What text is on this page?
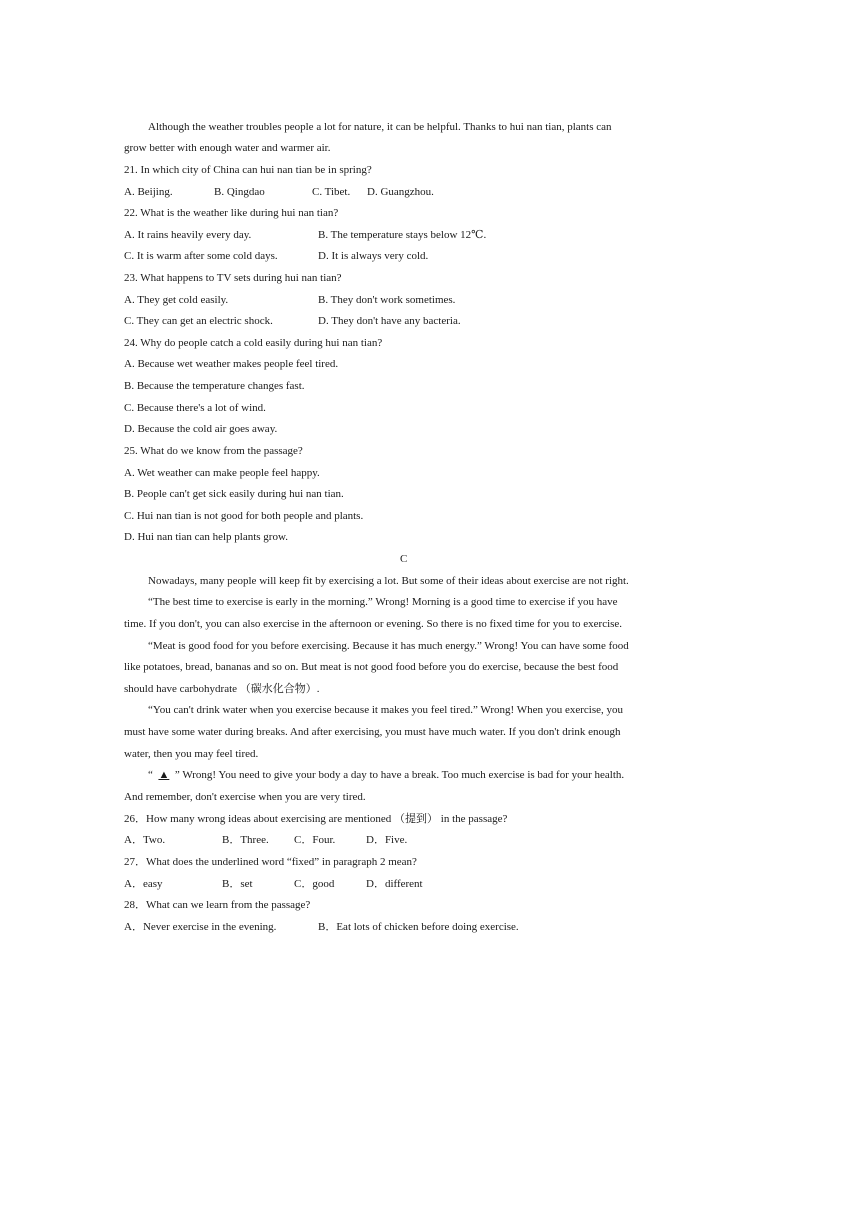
Although the weather troubles people a lot for nature, it can be helpful. Thanks to hui nan tian, plants can
grow better with enough water and warmer air.
21. In which city of China can hui nan tian be in spring?
A. Beijing.	B. Qingdao	C. Tibet. D. Guangzhou.
22. What is the weather like during hui nan tian?
A. It rains heavily every day.	B. The temperature stays below 12℃.
C. It is warm after some cold days.	D. It is always very cold.
23. What happens to TV sets during hui nan tian?
A. They get cold easily.	B. They don't work sometimes.
C. They can get an electric shock.	D. They don't have any bacteria.
24. Why do people catch a cold easily during hui nan tian?
A. Because wet weather makes people feel tired.
B. Because the temperature changes fast.
C. Because there's a lot of wind.
D. Because the cold air goes away.
25. What do we know from the passage?
A. Wet weather can make people feel happy.
B. People can't get sick easily during hui nan tian.
C. Hui nan tian is not good for both people and plants.
D. Hui nan tian can help plants grow.
C
Nowadays, many people will keep fit by exercising a lot. But some of their ideas about exercise are not right.
“The best time to exercise is early in the morning.” Wrong! Morning is a good time to exercise if you have
time. If you don't, you can also exercise in the afternoon or evening. So there is no fixed time for you to exercise.
“Meat is good food for you before exercising. Because it has much energy.” Wrong! You can have some food
like potatoes, bread, bananas and so on. But meat is not good food before you do exercise, because the best food
should have carbohydrate （碳水化合物）.
“You can't drink water when you exercise because it makes you feel tired.” Wrong! When you exercise, you
must have some water during breaks. And after exercising, you must have much water. If you don't drink enough
water, then you may feel tired.
“ ▲ ” Wrong! You need to give your body a day to have a break. Too much exercise is bad for your health.
And remember, don't exercise when you are very tired.
26．How many wrong ideas about exercising are mentioned （提到） in the passage?
A．Two.	B．Three. C．Four.	D．Five.
27．What does the underlined word “fixed” in paragraph 2 mean?
A．easy	B．set	C．good	D．different
28．What can we learn from the passage?
A．Never exercise in the evening.	B．Eat lots of chicken before doing exercise.
